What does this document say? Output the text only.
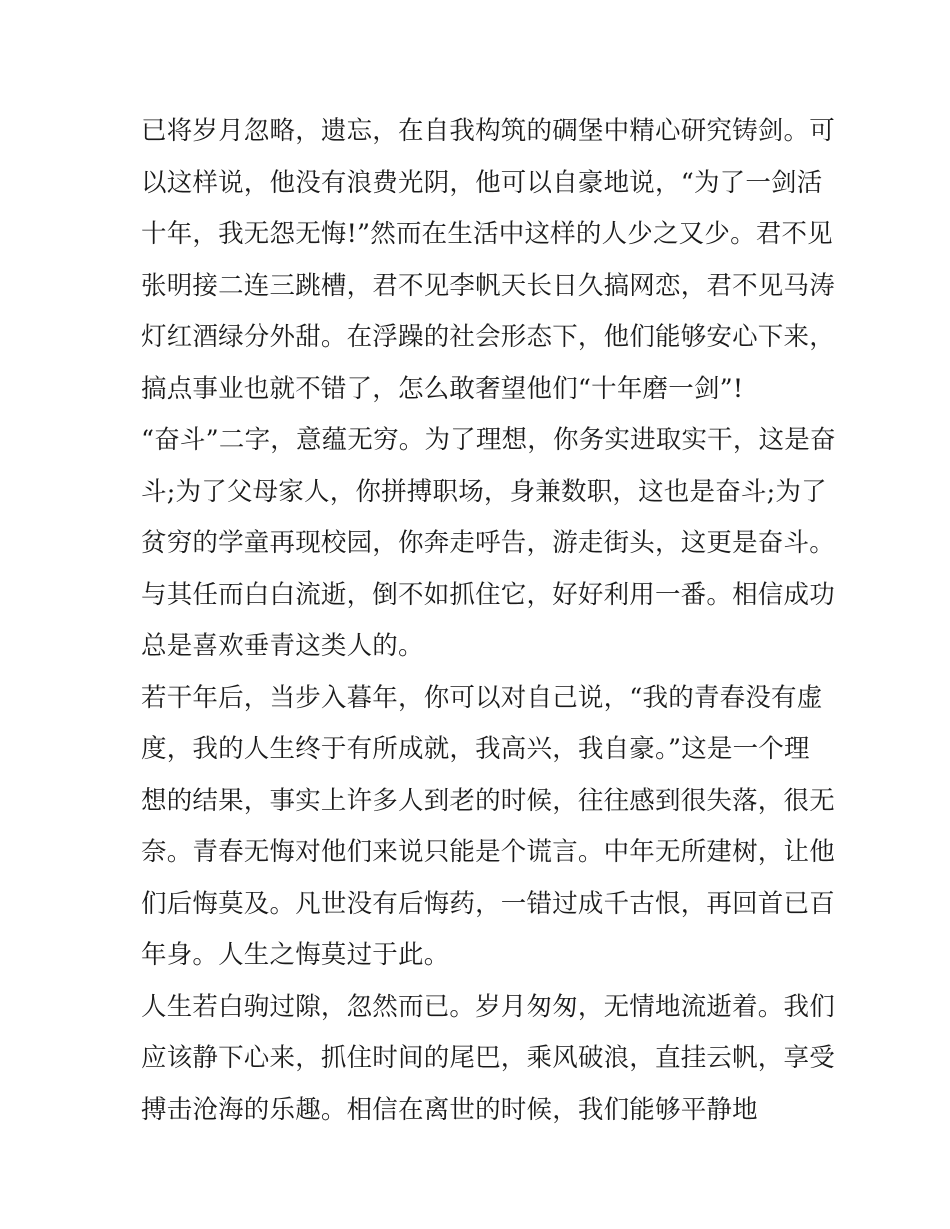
已将岁月忽略，遗忘，在自我构筑的碉堡中精心研究铸剑。可
以这样说，他没有浪费光阴，他可以自豪地说，“为了一剑活
十年，我无怨无悔!”然而在生活中这样的人少之又少。君不见
张明接二连三跳槽，君不见李帆天长日久搞网恋，君不见马涛
灯红酒绿分外甜。在浮躁的社会形态下，他们能够安心下来，
搞点事业也就不错了，怎么敢奢望他们“十年磨一剑”!
“奋斗”二字，意蕴无穷。为了理想，你务实进取实干，这是奋
斗;为了父母家人，你拼搏职场，身兼数职，这也是奋斗;为了
贫穷的学童再现校园，你奔走呼告，游走街头，这更是奋斗。
与其任而白白流逝，倒不如抓住它，好好利用一番。相信成功
总是喜欢垂青这类人的。
若干年后，当步入暮年，你可以对自己说，“我的青春没有虚
度，我的人生终于有所成就，我高兴，我自豪。”这是一个理
想的结果，事实上许多人到老的时候，往往感到很失落，很无
奈。青春无悔对他们来说只能是个谎言。中年无所建树，让他
们后悔莫及。凡世没有后悔药，一错过成千古恨，再回首已百
年身。人生之悔莫过于此。
人生若白驹过隙，忽然而已。岁月匆匆，无情地流逝着。我们
应该静下心来，抓住时间的尾巴，乘风破浪，直挂云帆，享受
搏击沧海的乐趣。相信在离世的时候，我们能够平静地
